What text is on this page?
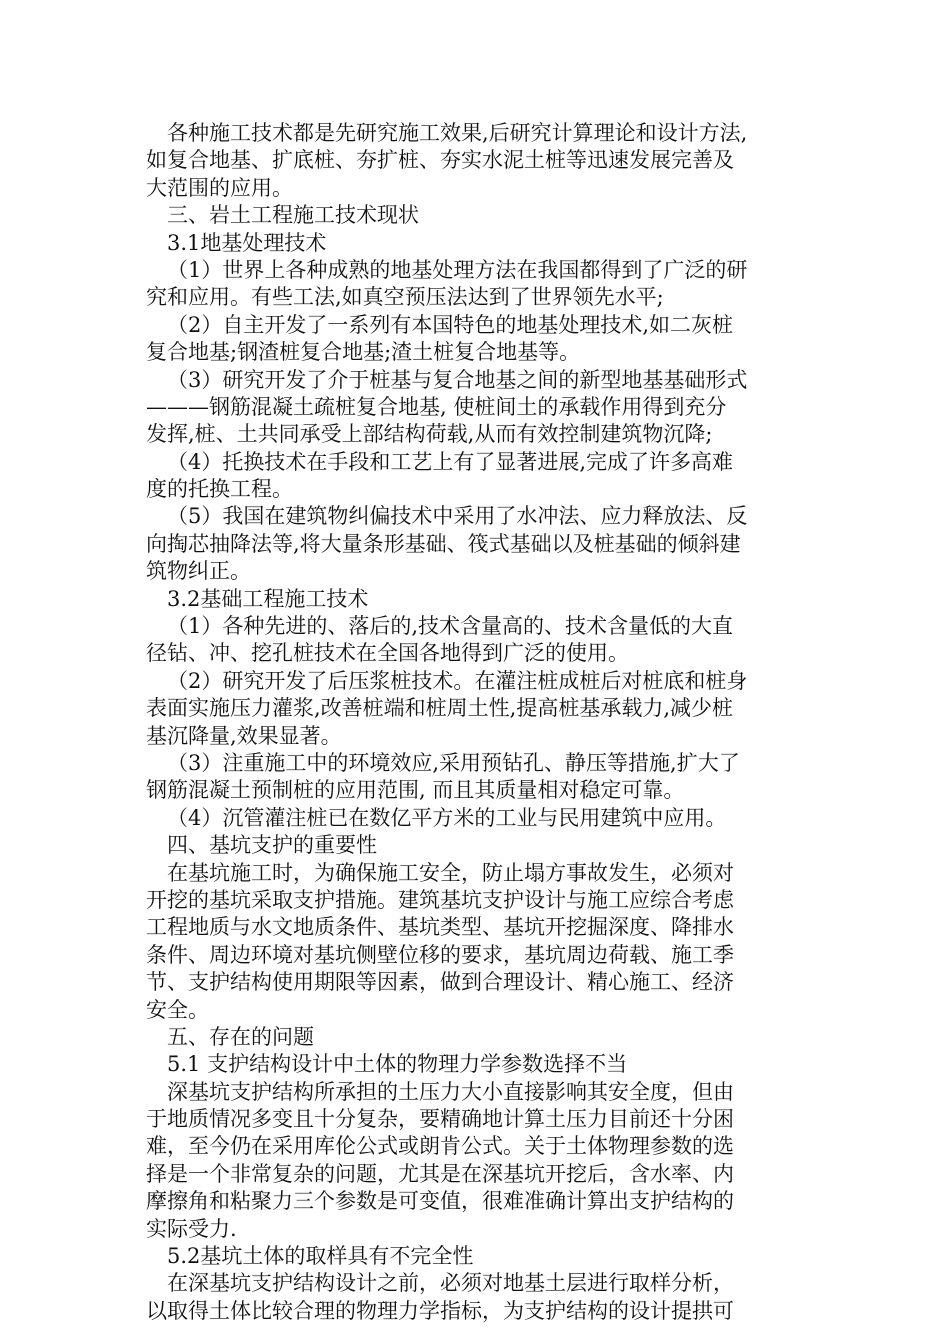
各种施工技术都是先研究施工效果,后研究计算理论和设计方法,
如复合地基、扩底桩、夯扩桩、夯实水泥土桩等迅速发展完善及
大范围的应用。
三、岩土工程施工技术现状
3.1地基处理技术
（1）世界上各种成熟的地基处理方法在我国都得到了广泛的研
究和应用。有些工法,如真空预压法达到了世界领先水平;
（2）自主开发了一系列有本国特色的地基处理技术,如二灰桩
复合地基;钢渣桩复合地基;渣土桩复合地基等。
（3）研究开发了介于桩基与复合地基之间的新型地基基础形式
———钢筋混凝土疏桩复合地基, 使桩间土的承载作用得到充分
发挥,桩、土共同承受上部结构荷载,从而有效控制建筑物沉降;
（4）托换技术在手段和工艺上有了显著进展,完成了许多高难
度的托换工程。
（5）我国在建筑物纠偏技术中采用了水冲法、应力释放法、反
向掏芯抽降法等,将大量条形基础、筏式基础以及桩基础的倾斜建
筑物纠正。
3.2基础工程施工技术
（1）各种先进的、落后的,技术含量高的、技术含量低的大直
径钻、冲、挖孔桩技术在全国各地得到广泛的使用。
（2）研究开发了后压浆桩技术。在灌注桩成桩后对桩底和桩身
表面实施压力灌浆,改善桩端和桩周土性,提高桩基承载力,减少桩
基沉降量,效果显著。
（3）注重施工中的环境效应,采用预钻孔、静压等措施,扩大了
钢筋混凝土预制桩的应用范围, 而且其质量相对稳定可靠。
（4）沉管灌注桩已在数亿平方米的工业与民用建筑中应用。
四、基坑支护的重要性
在基坑施工时，为确保施工安全，防止塌方事故发生，必须对
开挖的基坑采取支护措施。建筑基坑支护设计与施工应综合考虑
工程地质与水文地质条件、基坑类型、基坑开挖掘深度、降排水
条件、周边环境对基坑侧壁位移的要求，基坑周边荷载、施工季
节、支护结构使用期限等因素，做到合理设计、精心施工、经济
安全。
五、存在的问题
5.1 支护结构设计中土体的物理力学参数选择不当
深基坑支护结构所承担的土压力大小直接影响其安全度，但由
于地质情况多变且十分复杂，要精确地计算土压力目前还十分困
难，至今仍在采用库伦公式或朗肯公式。关于土体物理参数的选
择是一个非常复杂的问题，尤其是在深基坑开挖后，含水率、内
摩擦角和粘聚力三个参数是可变值，很难准确计算出支护结构的
实际受力.
5.2基坑土体的取样具有不完全性
在深基坑支护结构设计之前，必须对地基土层进行取样分析，
以取得土体比较合理的物理力学指标，为支护结构的设计提拱可
